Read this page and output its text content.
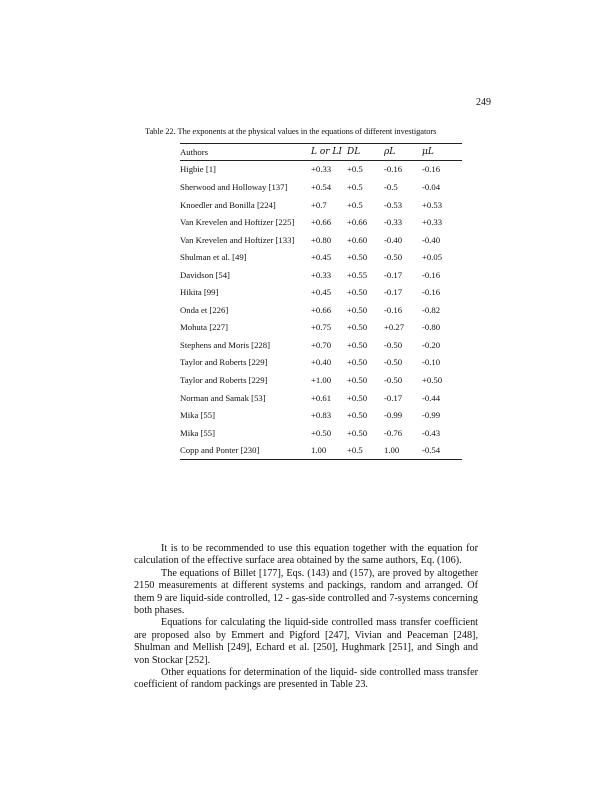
249
Table 22. The exponents at the physical values in the equations of different investigators
Authors	L or LI	DL	ρL	μL
Higbie [1]	+0.33	+0.5	-0.16	-0.16
Sherwood and Holloway [137]	+0.54	+0.5	-0.5	-0.04
Knoedler and Bonilla [224]	+0.7	+0.5	-0.53	+0.53
Van Krevelen and Hoftizer [225]	+0.66	+0.66	-0.33	+0.33
Van Krevelen and Hoftizer [133]	+0.80	+0.60	-0.40	-0.40
Shulman et al. [49]	+0.45	+0.50	-0.50	+0.05
Davidson [54]	+0.33	+0.55	-0.17	-0.16
Hikita [99]	+0.45	+0.50	-0.17	-0.16
Onda et [226]	+0.66	+0.50	-0.16	-0.82
Mohuta [227]	+0.75	+0.50	+0.27	-0.80
Stephens and Moris [228]	+0.70	+0.50	-0.50	-0.20
Taylor and Roberts [229]	+0.40	+0.50	-0.50	-0.10
Taylor and Roberts [229]	+1.00	+0.50	-0.50	+0.50
Norman and Samak [53]	+0.61	+0.50	-0.17	-0.44
Mika [55]	+0.83	+0.50	-0.99	-0.99
Mika [55]	+0.50	+0.50	-0.76	-0.43
Copp and Ponter [230]	1.00	+0.5	1.00	-0.54

It is to be recommended to use this equation together with the equation for calculation of the effective surface area obtained by the same authors, Eq. (106).

The equations of Billet [177], Eqs. (143) and (157), are proved by altogether 2150 measurements at different systems and packings, random and arranged. Of them 9 are liquid-side controlled, 12 - gas-side controlled and 7-systems concerning both phases.

Equations for calculating the liquid-side controlled mass transfer coefficient are proposed also by Emmert and Pigford [247], Vivian and Peaceman [248], Shulman and Mellish [249], Echard et al. [250], Hughmark [251], and Singh and von Stockar [252].

Other equations for determination of the liquid- side controlled mass transfer coefficient of random packings are presented in Table 23.
